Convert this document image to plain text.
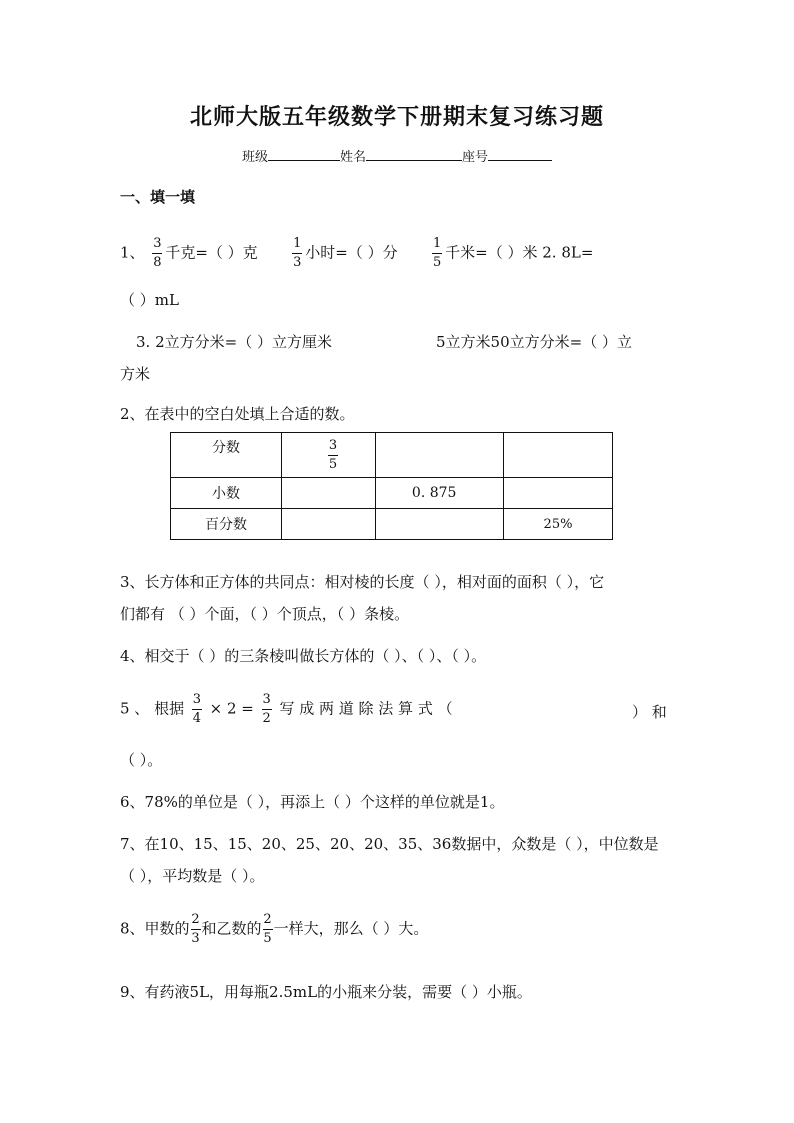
北师大版五年级数学下册期末复习练习题
班级	姓名	座号
一、填一填
1、 $\frac{3}{8}$ 千克=（ ）克	$\frac{1}{3}$ 小时=（ ）分	$\frac{1}{5}$ 千米=（ ）米 2. 8L=
（ ）mL
3. 2立方分米=（ ）立方厘米	5立方米50立方分米=（ ）立
方米
2、在表中的空白处填上合适的数。
分数	$\frac{3}{5}$

小数		0. 875	
百分数			25%
3、长方体和正方体的共同点：相对棱的长度（ ），相对面的面积（ ），它
们都有 （ ）个面，（ ）个顶点，（ ）条棱。
4、相交于（ ）的三条棱叫做长方体的（ ）、（ ）、（ ）。
5 、 根据 $\frac{3}{4} \times 2 = \frac{3}{2}$ 写 成 两 道 除 法 算 式 （	） 和
（ ）。
6、78%的单位是（ ），再添上（ ）个这样的单位就是1。
7、在10、15、15、20、25、20、20、35、36数据中，众数是（ ），中位数是
（ ），平均数是（ ）。
8、甲数的 $\frac{2}{3}$ 和乙数的 $\frac{2}{5}$ 一样大，那么（ ）大。
9、有药液5L，用每瓶2.5mL的小瓶来分装，需要（ ）小瓶。
